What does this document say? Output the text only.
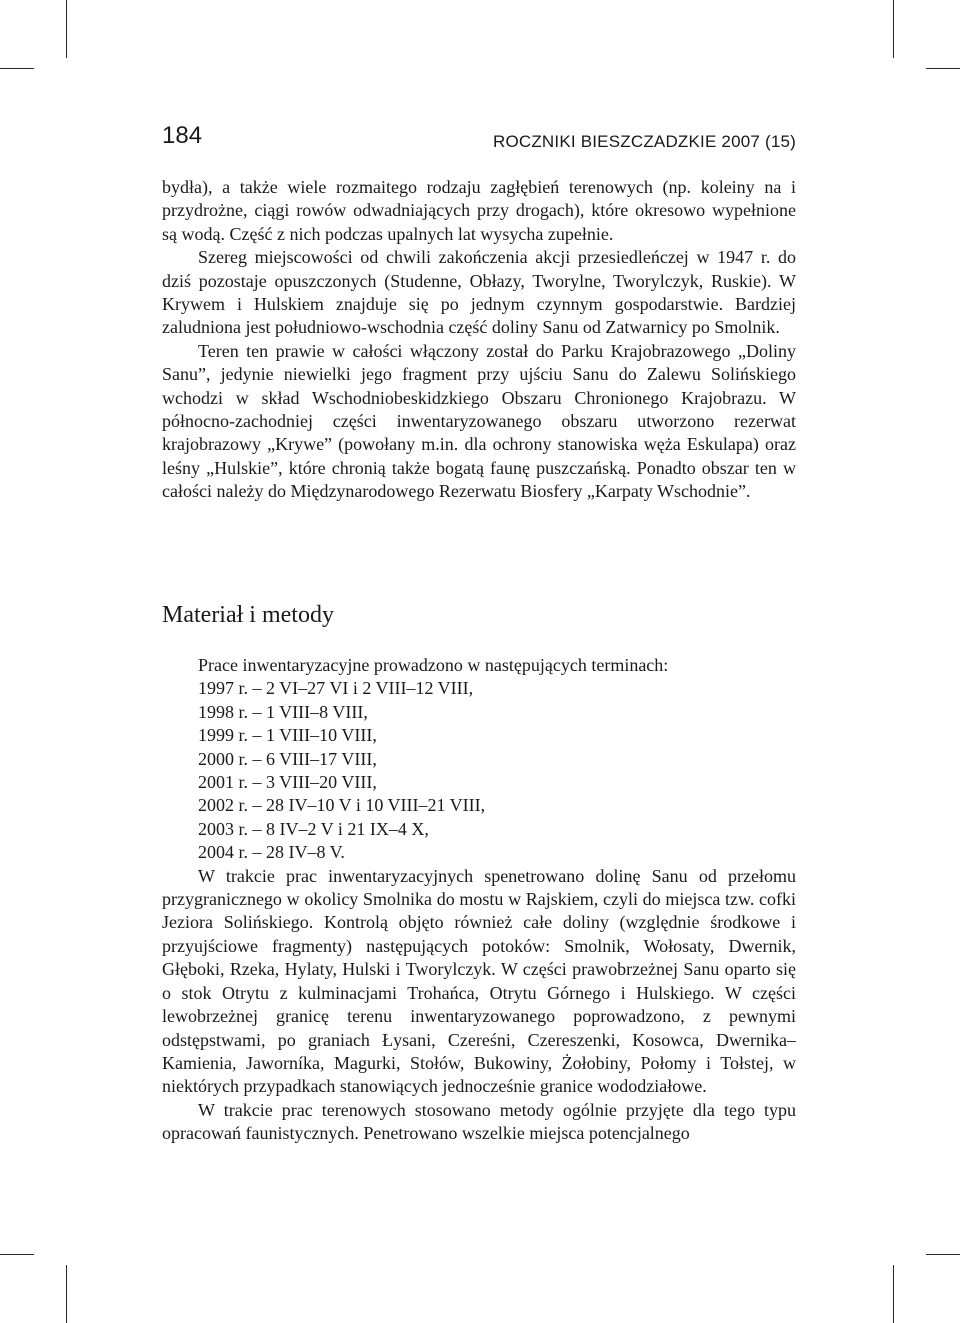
184	ROCZNIKI BIESZCZADZKIE 2007 (15)

bydła), a także wiele rozmaitego rodzaju zagłębień terenowych (np. koleiny na i przydrożne, ciągi rowów odwadniających przy drogach), które okresowo wypełnione są wodą. Część z nich podczas upalnych lat wysycha zupełnie.

Szereg miejscowości od chwili zakończenia akcji przesiedleńczej w 1947 r. do dziś pozostaje opuszczonych (Studenne, Obłazy, Tworylne, Tworylczyk, Ruskie). W Krywem i Hulskiem znajduje się po jednym czynnym gospodarstwie. Bardziej zaludniona jest południowo-wschodnia część doliny Sanu od Zatwarnicy po Smolnik.

Teren ten prawie w całości włączony został do Parku Krajobrazowego „Doliny Sanu”, jedynie niewielki jego fragment przy ujściu Sanu do Zalewu Solińskiego wchodzi w skład Wschodniobeskidzkiego Obszaru Chronionego Krajobrazu. W północno-zachodniej części inwentaryzowanego obszaru utworzono rezerwat krajobrazowy „Krywe” (powołany m.in. dla ochrony stanowiska węża Eskulapa) oraz leśny „Hulskie”, które chronią także bogatą faunę puszczańską. Ponadto obszar ten w całości należy do Międzynarodowego Rezerwatu Biosfery „Karpaty Wschodnie”.

Materiał i metody

Prace inwentaryzacyjne prowadzono w następujących terminach:

1997 r. – 2 VI–27 VI i 2 VIII–12 VIII,
1998 r. – 1 VIII–8 VIII,
1999 r. – 1 VIII–10 VIII,
2000 r. – 6 VIII–17 VIII,
2001 r. – 3 VIII–20 VIII,
2002 r. – 28 IV–10 V i 10 VIII–21 VIII,
2003 r. – 8 IV–2 V i 21 IX–4 X,
2004 r. – 28 IV–8 V.

W trakcie prac inwentaryzacyjnych spenetrowano dolinę Sanu od przełomu przygranicznego w okolicy Smolnika do mostu w Rajskiem, czyli do miejsca tzw. cofki Jeziora Solińskiego. Kontrolą objęto również całe doliny (względnie środkowe i przyujściowe fragmenty) następujących potoków: Smolnik, Wołosaty, Dwernik, Głęboki, Rzeka, Hylaty, Hulski i Tworylczyk. W części prawobrzeżnej Sanu oparto się o stok Otrytu z kulminacjami Trohańca, Otrytu Górnego i Hulskiego. W części lewobrzeżnej granicę terenu inwentaryzowanego poprowadzono, z pewnymi odstępstwami, po graniach Łysani, Czereśni, Czereszenki, Kosowca, Dwernika–Kamienia, Jaworníka, Magurki, Stołów, Bukowiny, Żołobiny, Połomy i Tołstej, w niektórych przypadkach stanowiących jednocześnie granice wododziałowe.

W trakcie prac terenowych stosowano metody ogólnie przyjęte dla tego typu opracowań faunistycznych. Penetrowano wszelkie miejsca potencjalnego
